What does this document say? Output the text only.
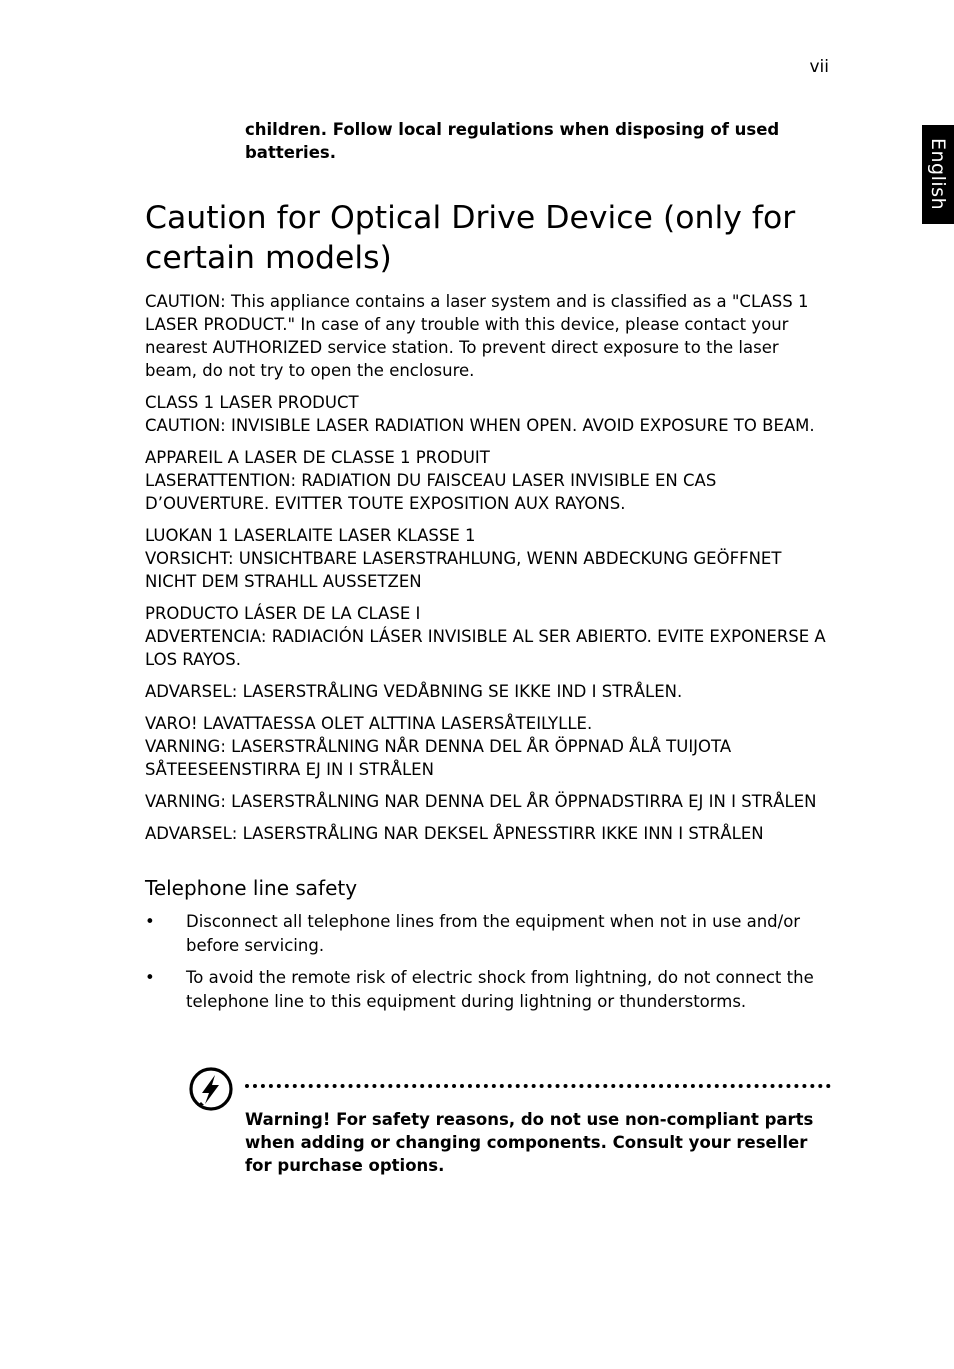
vii
English
children. Follow local regulations when disposing of used batteries.
Caution for Optical Drive Device (only for certain models)

CAUTION: This appliance contains a laser system and is classified as a "CLASS 1 LASER PRODUCT." In case of any trouble with this device, please contact your nearest AUTHORIZED service station. To prevent direct exposure to the laser beam, do not try to open the enclosure.

CLASS 1 LASER PRODUCT
CAUTION: INVISIBLE LASER RADIATION WHEN OPEN. AVOID EXPOSURE TO BEAM.

APPAREIL A LASER DE CLASSE 1 PRODUIT
LASERATTENTION: RADIATION DU FAISCEAU LASER INVISIBLE EN CAS D’OUVERTURE. EVITTER TOUTE EXPOSITION AUX RAYONS.

LUOKAN 1 LASERLAITE LASER KLASSE 1
VORSICHT: UNSICHTBARE LASERSTRAHLUNG, WENN ABDECKUNG GEÖFFNET NICHT DEM STRAHLL AUSSETZEN

PRODUCTO LÁSER DE LA CLASE I
ADVERTENCIA: RADIACIÓN LÁSER INVISIBLE AL SER ABIERTO. EVITE EXPONERSE A LOS RAYOS.

ADVARSEL: LASERSTRÅLING VEDÅBNING SE IKKE IND I STRÅLEN.

VARO! LAVATTAESSA OLET ALTTINA LASERSÅTEILYLLE.
VARNING: LASERSTRÅLNING NÅR DENNA DEL ÅR ÖPPNAD ÅLÅ TUIJOTA SÅTEESEENSTIRRA EJ IN I STRÅLEN

VARNING: LASERSTRÅLNING NAR DENNA DEL ÅR ÖPPNADSTIRRA EJ IN I STRÅLEN

ADVARSEL: LASERSTRÅLING NAR DEKSEL ÅPNESSTIRR IKKE INN I STRÅLEN

Telephone line safety
• Disconnect all telephone lines from the equipment when not in use and/or before servicing.
• To avoid the remote risk of electric shock from lightning, do not connect the telephone line to this equipment during lightning or thunderstorms.
Warning! For safety reasons, do not use non-compliant parts when adding or changing components. Consult your reseller for purchase options.
